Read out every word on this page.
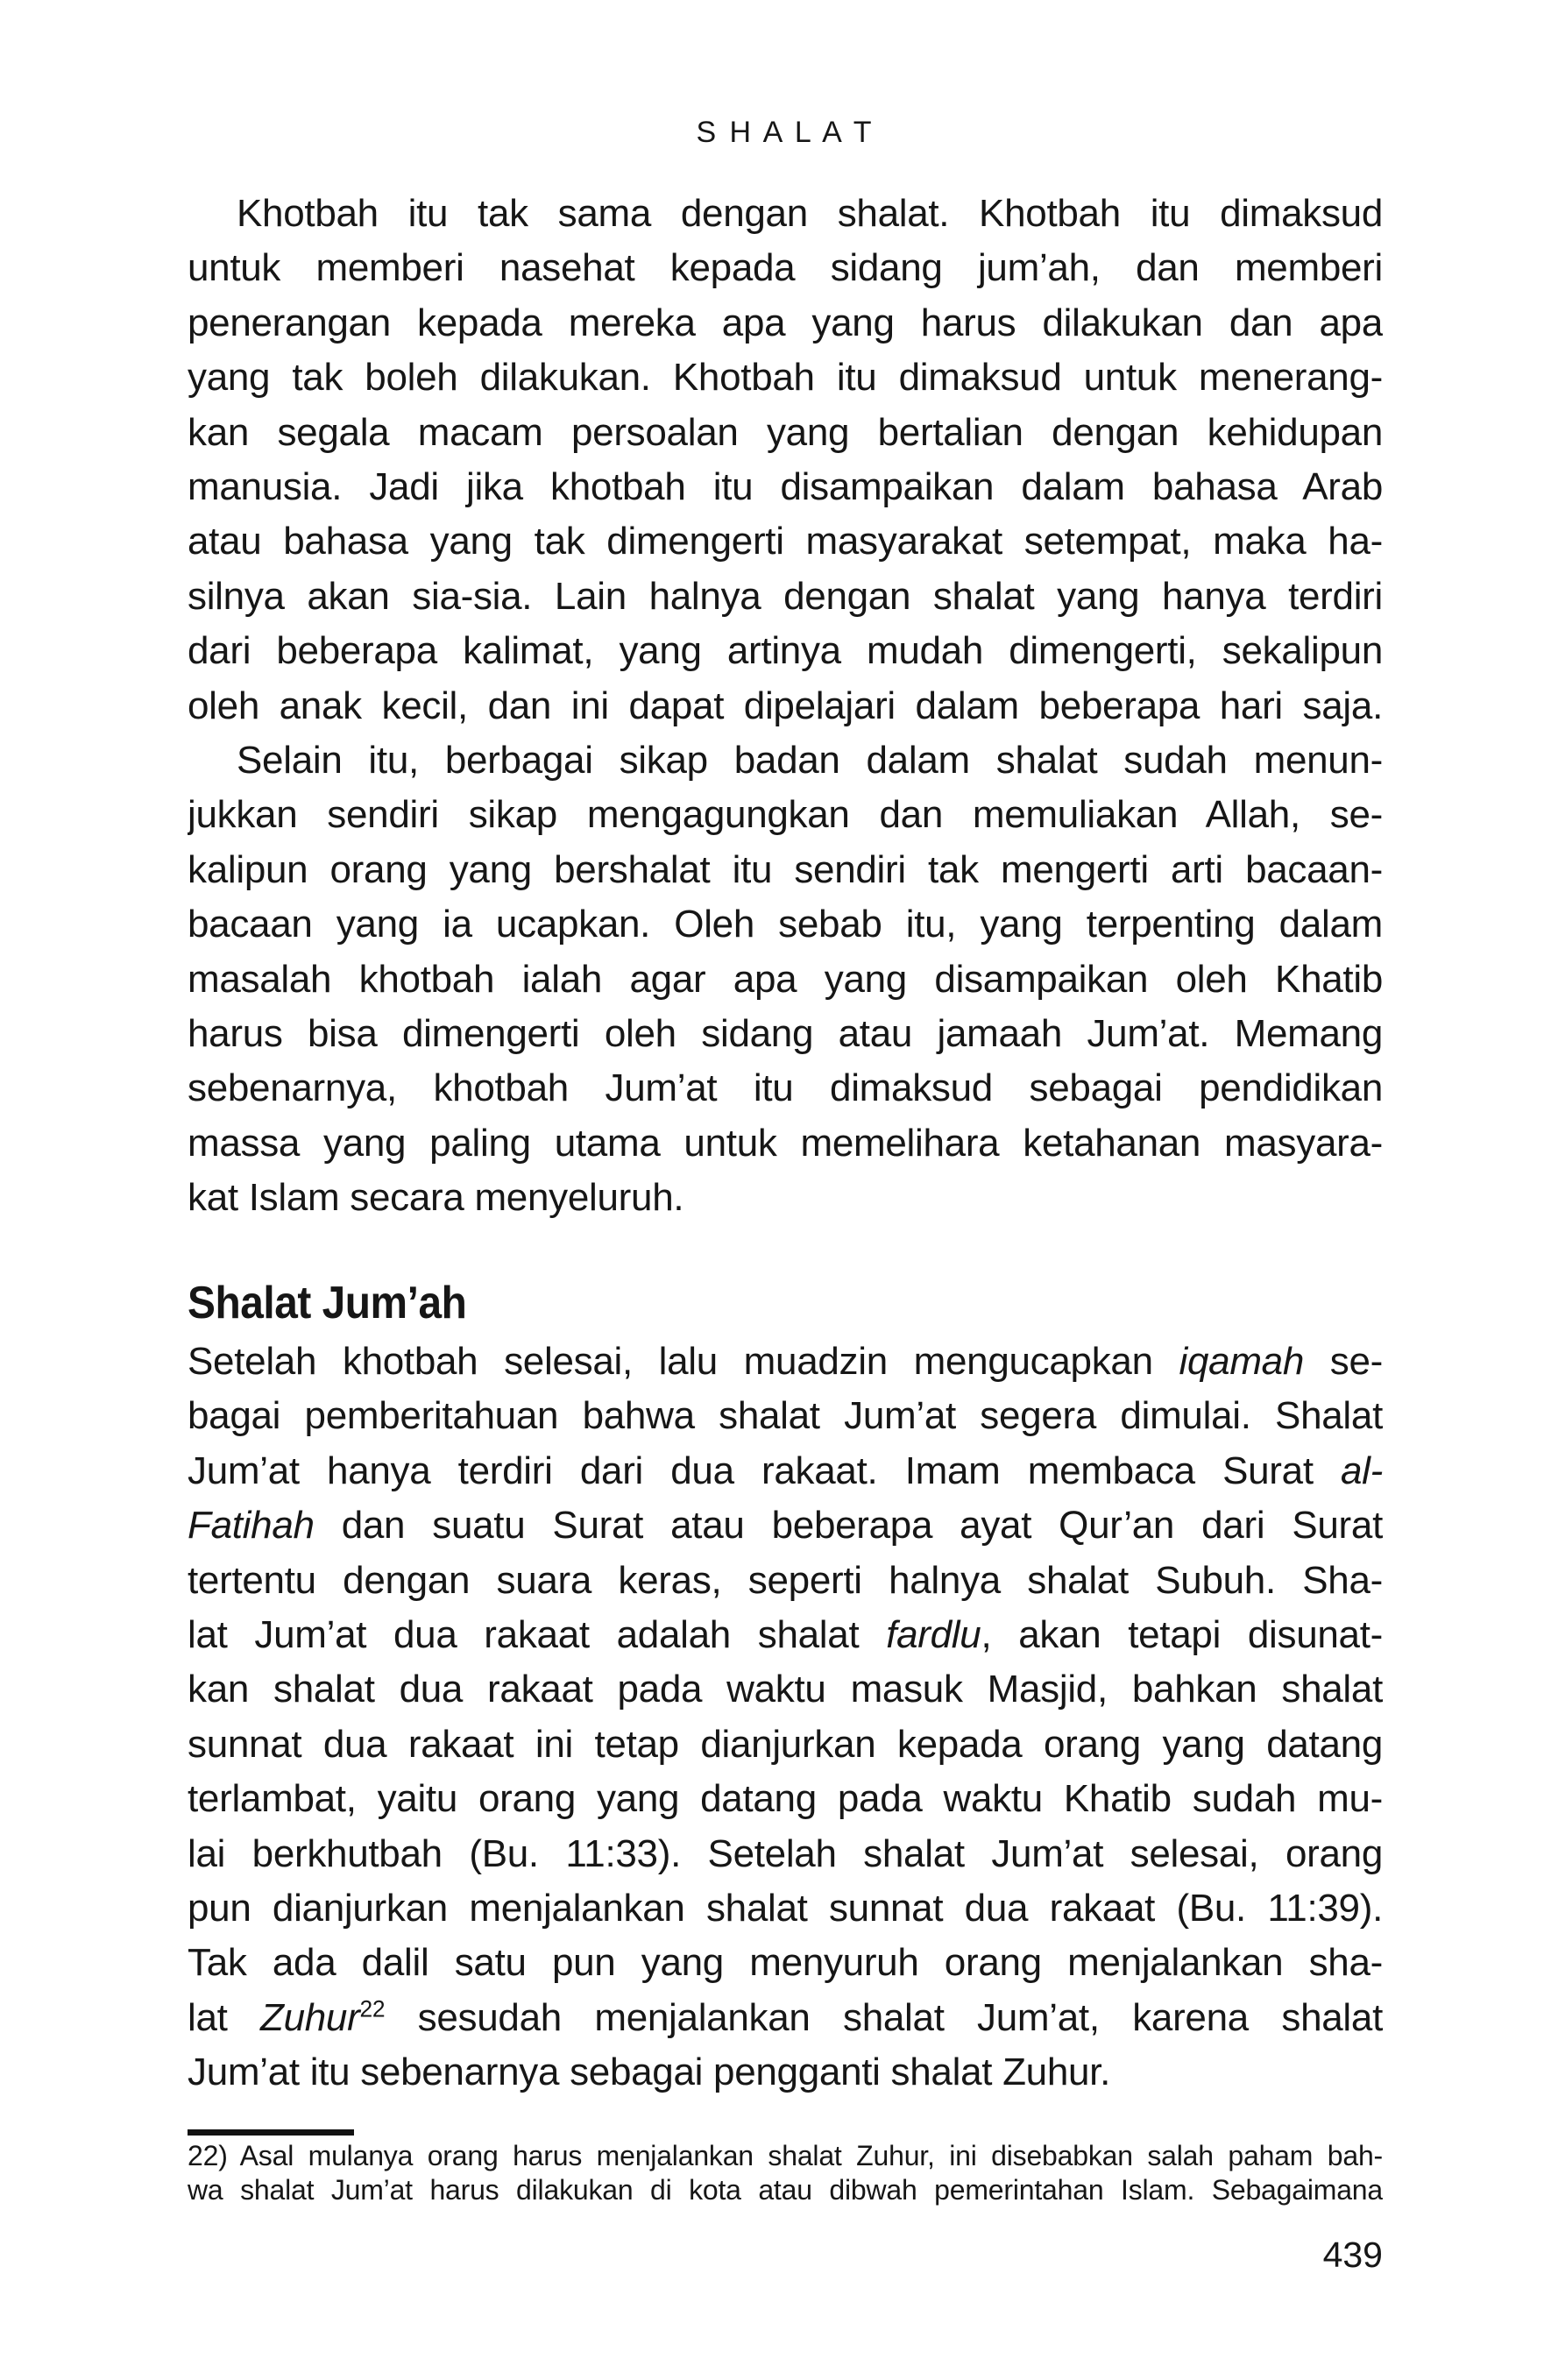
S H A L A T
Khotbah itu tak sama dengan shalat. Khotbah itu dimaksud
untuk memberi nasehat kepada sidang jum’ah, dan memberi
penerangan kepada mereka apa yang harus dilakukan dan apa
yang tak boleh dilakukan. Khotbah itu dimaksud untuk menerang-
kan segala macam persoalan yang bertalian dengan kehidupan
manusia. Jadi jika khotbah itu disampaikan dalam bahasa Arab
atau bahasa yang tak dimengerti masyarakat setempat, maka ha-
silnya akan sia-sia. Lain halnya dengan shalat yang hanya terdiri
dari beberapa kalimat, yang artinya mudah dimengerti, sekalipun
oleh anak kecil, dan ini dapat dipelajari dalam beberapa hari saja.
Selain itu, berbagai sikap badan dalam shalat sudah menun-
jukkan sendiri sikap mengagungkan dan memuliakan Allah, se-
kalipun orang yang bershalat itu sendiri tak mengerti arti bacaan-
bacaan yang ia ucapkan. Oleh sebab itu, yang terpenting dalam
masalah khotbah ialah agar apa yang disampaikan oleh Khatib
harus bisa dimengerti oleh sidang atau jamaah Jum’at. Memang
sebenarnya, khotbah Jum’at itu dimaksud sebagai pendidikan
massa yang paling utama untuk memelihara ketahanan masyara-
kat Islam secara menyeluruh.
Shalat Jum’ah
Setelah khotbah selesai, lalu muadzin mengucapkan iqamah se-
bagai pemberitahuan bahwa shalat Jum’at segera dimulai. Shalat
Jum’at hanya terdiri dari dua rakaat. Imam membaca Surat al-
Fatihah dan suatu Surat atau beberapa ayat Qur’an dari Surat
tertentu dengan suara keras, seperti halnya shalat Subuh. Sha-
lat Jum’at dua rakaat adalah shalat fardlu, akan tetapi disunat-
kan shalat dua rakaat pada waktu masuk Masjid, bahkan shalat
sunnat dua rakaat ini tetap dianjurkan kepada orang yang datang
terlambat, yaitu orang yang datang pada waktu Khatib sudah mu-
lai berkhutbah (Bu. 11:33). Setelah shalat Jum’at selesai, orang
pun dianjurkan menjalankan shalat sunnat dua rakaat (Bu. 11:39).
Tak ada dalil satu pun yang menyuruh orang menjalankan sha-
lat Zuhur$^{22}$ sesudah menjalankan shalat Jum’at, karena shalat
Jum’at itu sebenarnya sebagai pengganti shalat Zuhur.
22) Asal mulanya orang harus menjalankan shalat Zuhur, ini disebabkan salah paham bah-
wa shalat Jum’at harus dilakukan di kota atau dibwah pemerintahan Islam. Sebagaimana
439
